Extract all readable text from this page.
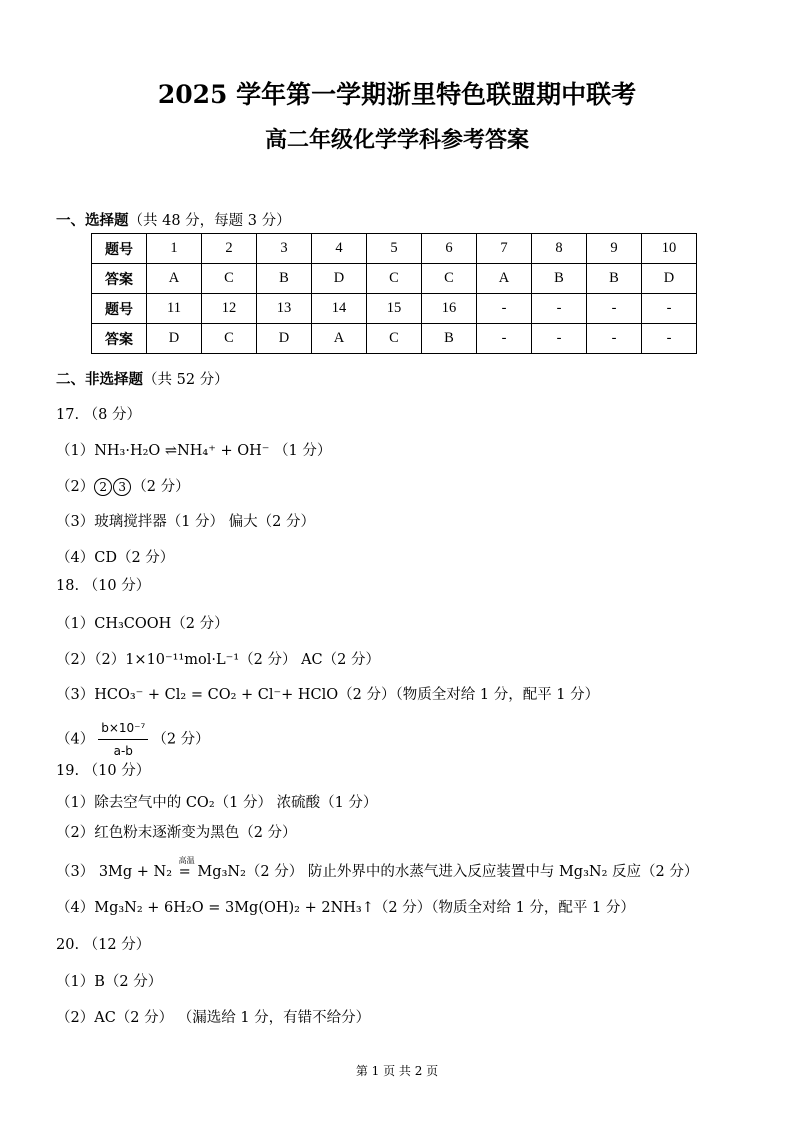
2025 学年第一学期浙里特色联盟期中联考
高二年级化学学科参考答案
一、选择题（共 48 分，每题 3 分）
题号	1	2	3	4	5	6	7	8	9	10
答案	A	C	B	D	C	C	A	B	B	D
题号	11	12	13	14	15	16	-	-	-	-
答案	D	C	D	A	C	B	-	-	-	-
二、非选择题（共 52 分）
17. （8 分）
（1）NH₃·H₂O ⇌NH₄⁺ + OH⁻ （1 分）
（2） 2 3 （2 分）
（3）玻璃搅拌器（1 分） 偏大（2 分）
（4）CD（2 分）
18. （10 分）
（1）CH₃COOH（2 分）
（2）（2）1×10⁻¹¹mol·L⁻¹（2 分） AC（2 分）
（3）HCO₃⁻ + Cl₂ = CO₂ + Cl⁻+ HClO（2 分）（物质全对给 1 分，配平 1 分）
$(4) \frac{\text{b×10⁻⁷}}{a-b} (2$ 分）
19. （10 分）
（1）除去空气中的 CO₂（1 分） 浓硫酸（1 分）
（2）红色粉末逐渐变为黑色（2 分）
（3） 3Mg + N₂
高温
= Mg₃N₂（2 分） 防止外界中的水蒸气进入反应装置中与 Mg₃N₂ 反应（2 分）
（4）Mg₃N₂ + 6H₂O = 3Mg(OH)₂ + 2NH₃↑（2 分）（物质全对给 1 分，配平 1 分）
20. （12 分）
（1）B（2 分）
（2）AC（2 分） （漏选给 1 分，有错不给分）
第 1 页 共 2 页
